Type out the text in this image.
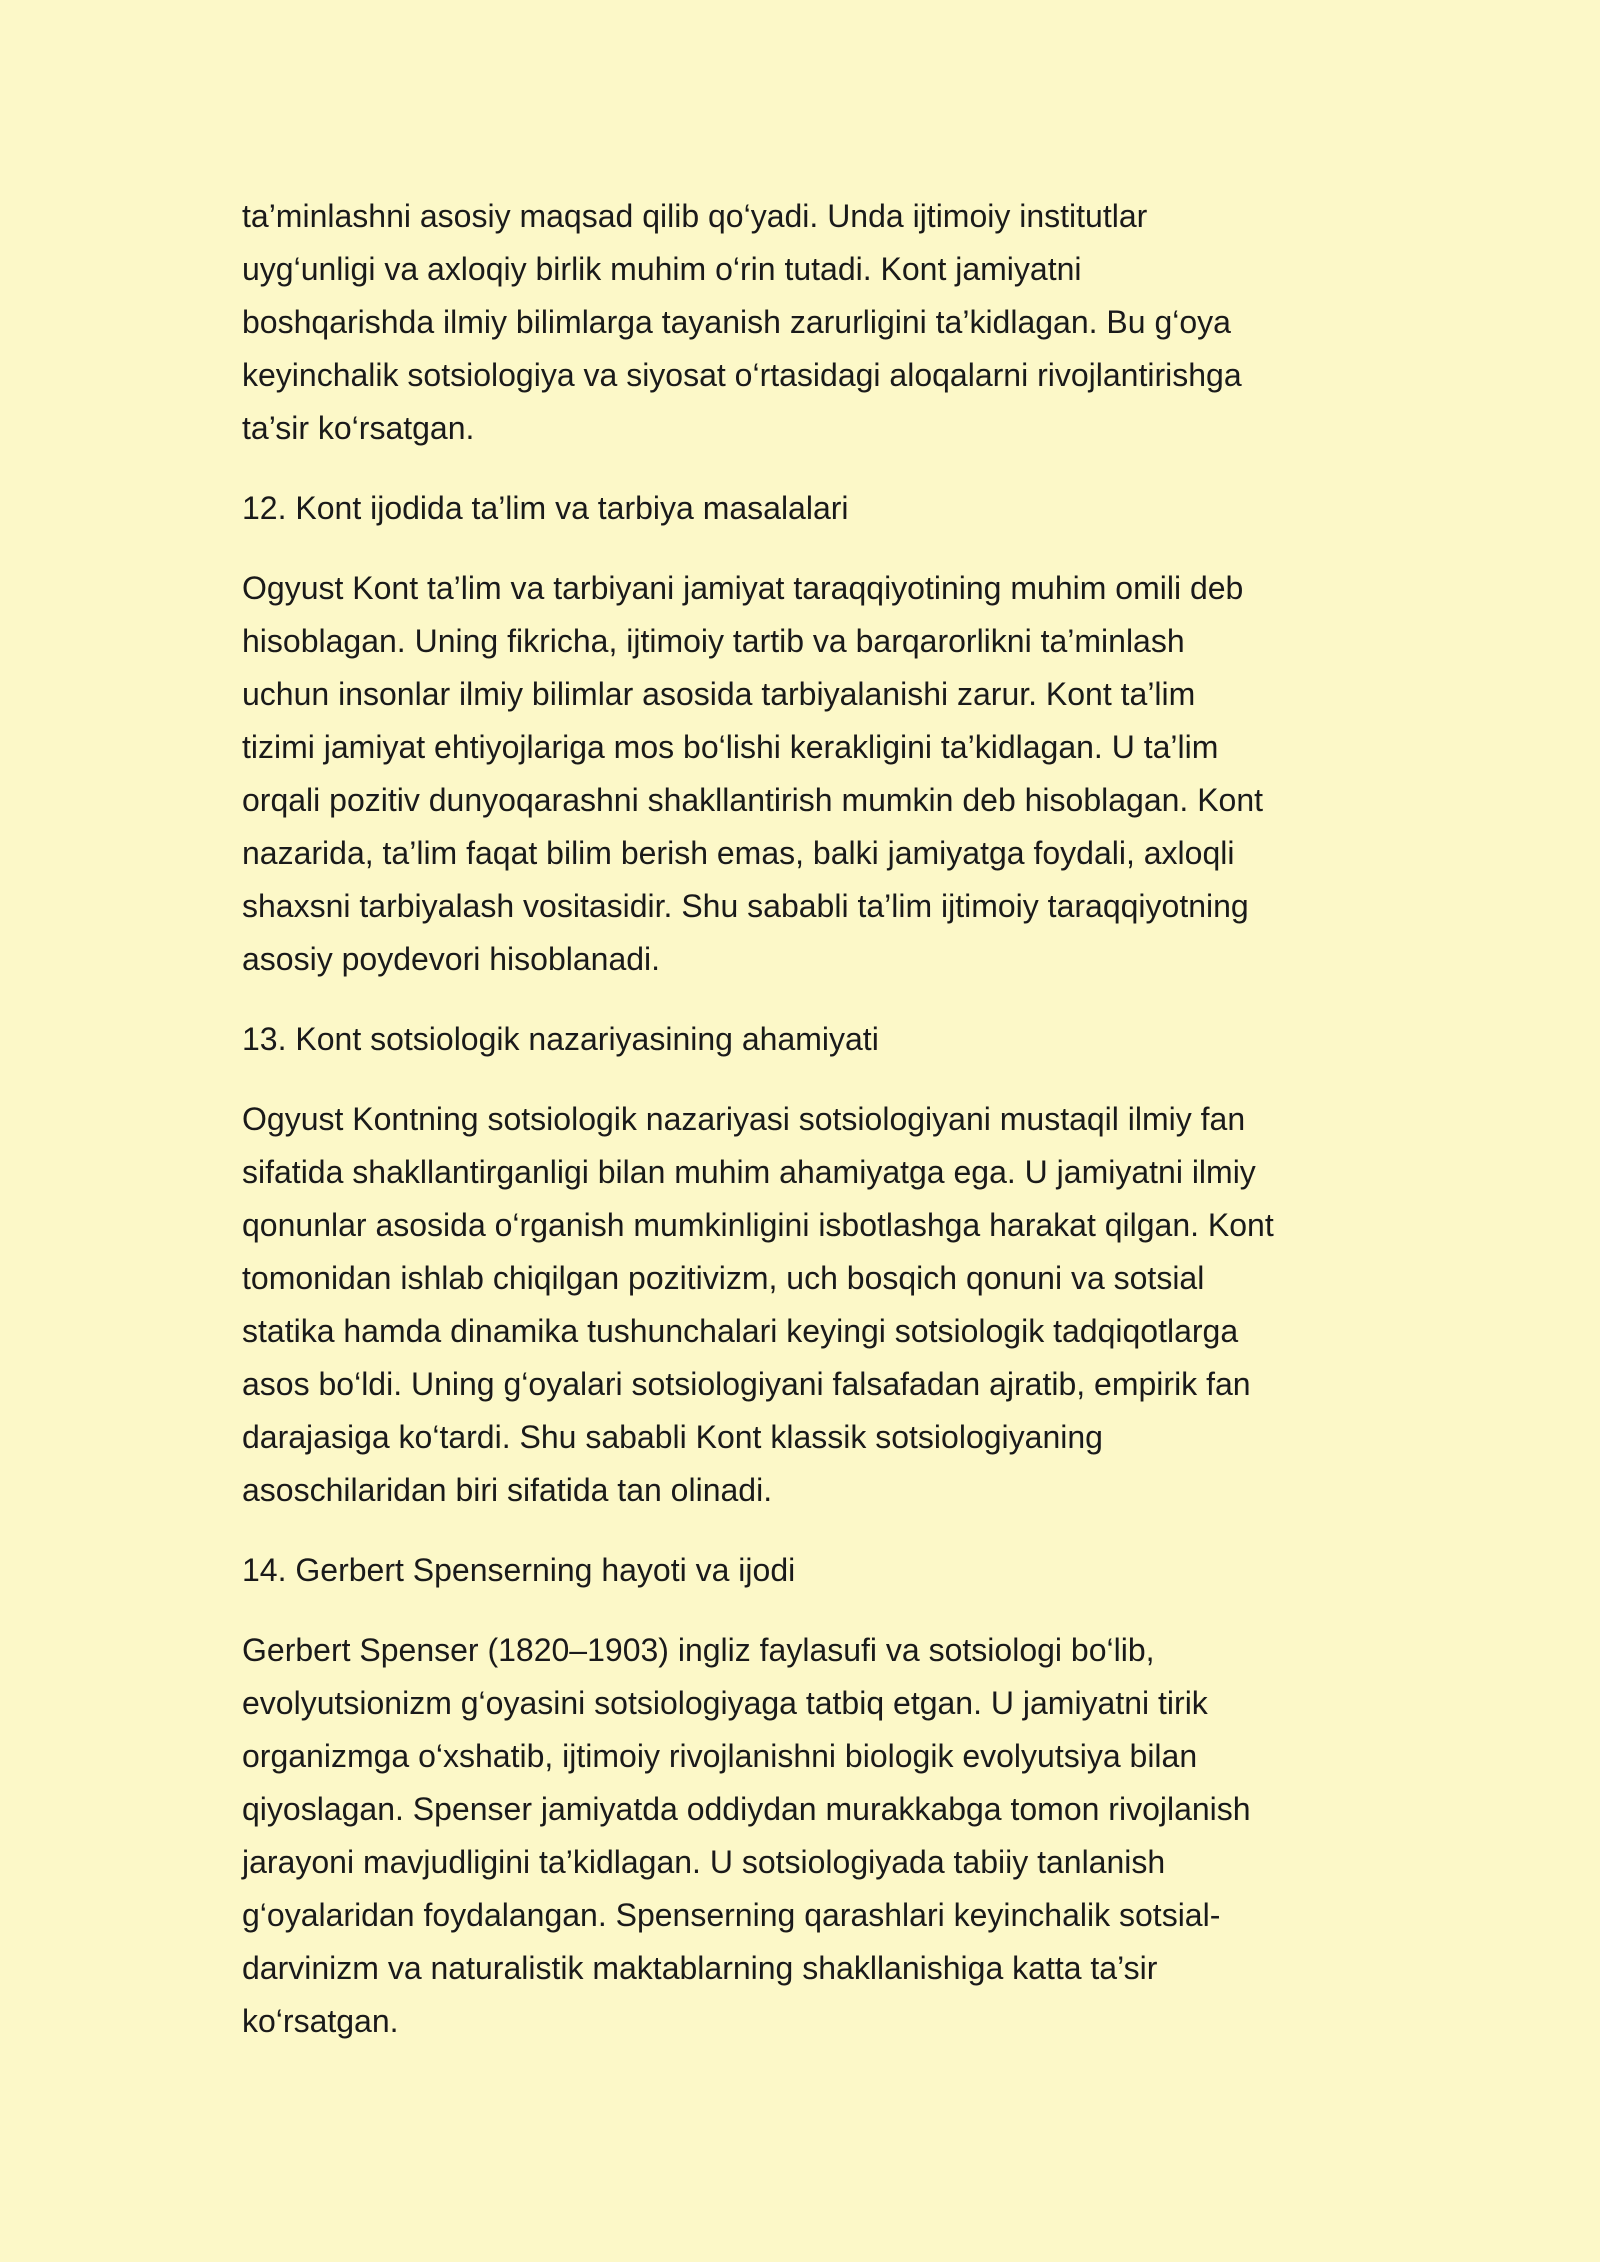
ta’minlashni asosiy maqsad qilib qo‘yadi. Unda ijtimoiy institutlar
uyg‘unligi va axloqiy birlik muhim o‘rin tutadi. Kont jamiyatni
boshqarishda ilmiy bilimlarga tayanish zarurligini ta’kidlagan. Bu g‘oya
keyinchalik sotsiologiya va siyosat o‘rtasidagi aloqalarni rivojlantirishga
ta’sir ko‘rsatgan.
12. Kont ijodida ta’lim va tarbiya masalalari
Ogyust Kont ta’lim va tarbiyani jamiyat taraqqiyotining muhim omili deb
hisoblagan. Uning fikricha, ijtimoiy tartib va barqarorlikni ta’minlash
uchun insonlar ilmiy bilimlar asosida tarbiyalanishi zarur. Kont ta’lim
tizimi jamiyat ehtiyojlariga mos bo‘lishi kerakligini ta’kidlagan. U ta’lim
orqali pozitiv dunyoqarashni shakllantirish mumkin deb hisoblagan. Kont
nazarida, ta’lim faqat bilim berish emas, balki jamiyatga foydali, axloqli
shaxsni tarbiyalash vositasidir. Shu sababli ta’lim ijtimoiy taraqqiyotning
asosiy poydevori hisoblanadi.
13. Kont sotsiologik nazariyasining ahamiyati
Ogyust Kontning sotsiologik nazariyasi sotsiologiyani mustaqil ilmiy fan
sifatida shakllantirganligi bilan muhim ahamiyatga ega. U jamiyatni ilmiy
qonunlar asosida o‘rganish mumkinligini isbotlashga harakat qilgan. Kont
tomonidan ishlab chiqilgan pozitivizm, uch bosqich qonuni va sotsial
statika hamda dinamika tushunchalari keyingi sotsiologik tadqiqotlarga
asos bo‘ldi. Uning g‘oyalari sotsiologiyani falsafadan ajratib, empirik fan
darajasiga ko‘tardi. Shu sababli Kont klassik sotsiologiyaning
asoschilaridan biri sifatida tan olinadi.
14. Gerbert Spenserning hayoti va ijodi
Gerbert Spenser (1820–1903) ingliz faylasufi va sotsiologi bo‘lib,
evolyutsionizm g‘oyasini sotsiologiyaga tatbiq etgan. U jamiyatni tirik
organizmga o‘xshatib, ijtimoiy rivojlanishni biologik evolyutsiya bilan
qiyoslagan. Spenser jamiyatda oddiydan murakkabga tomon rivojlanish
jarayoni mavjudligini ta’kidlagan. U sotsiologiyada tabiiy tanlanish
g‘oyalaridan foydalangan. Spenserning qarashlari keyinchalik sotsial-
darvinizm va naturalistik maktablarning shakllanishiga katta ta’sir
ko‘rsatgan.
